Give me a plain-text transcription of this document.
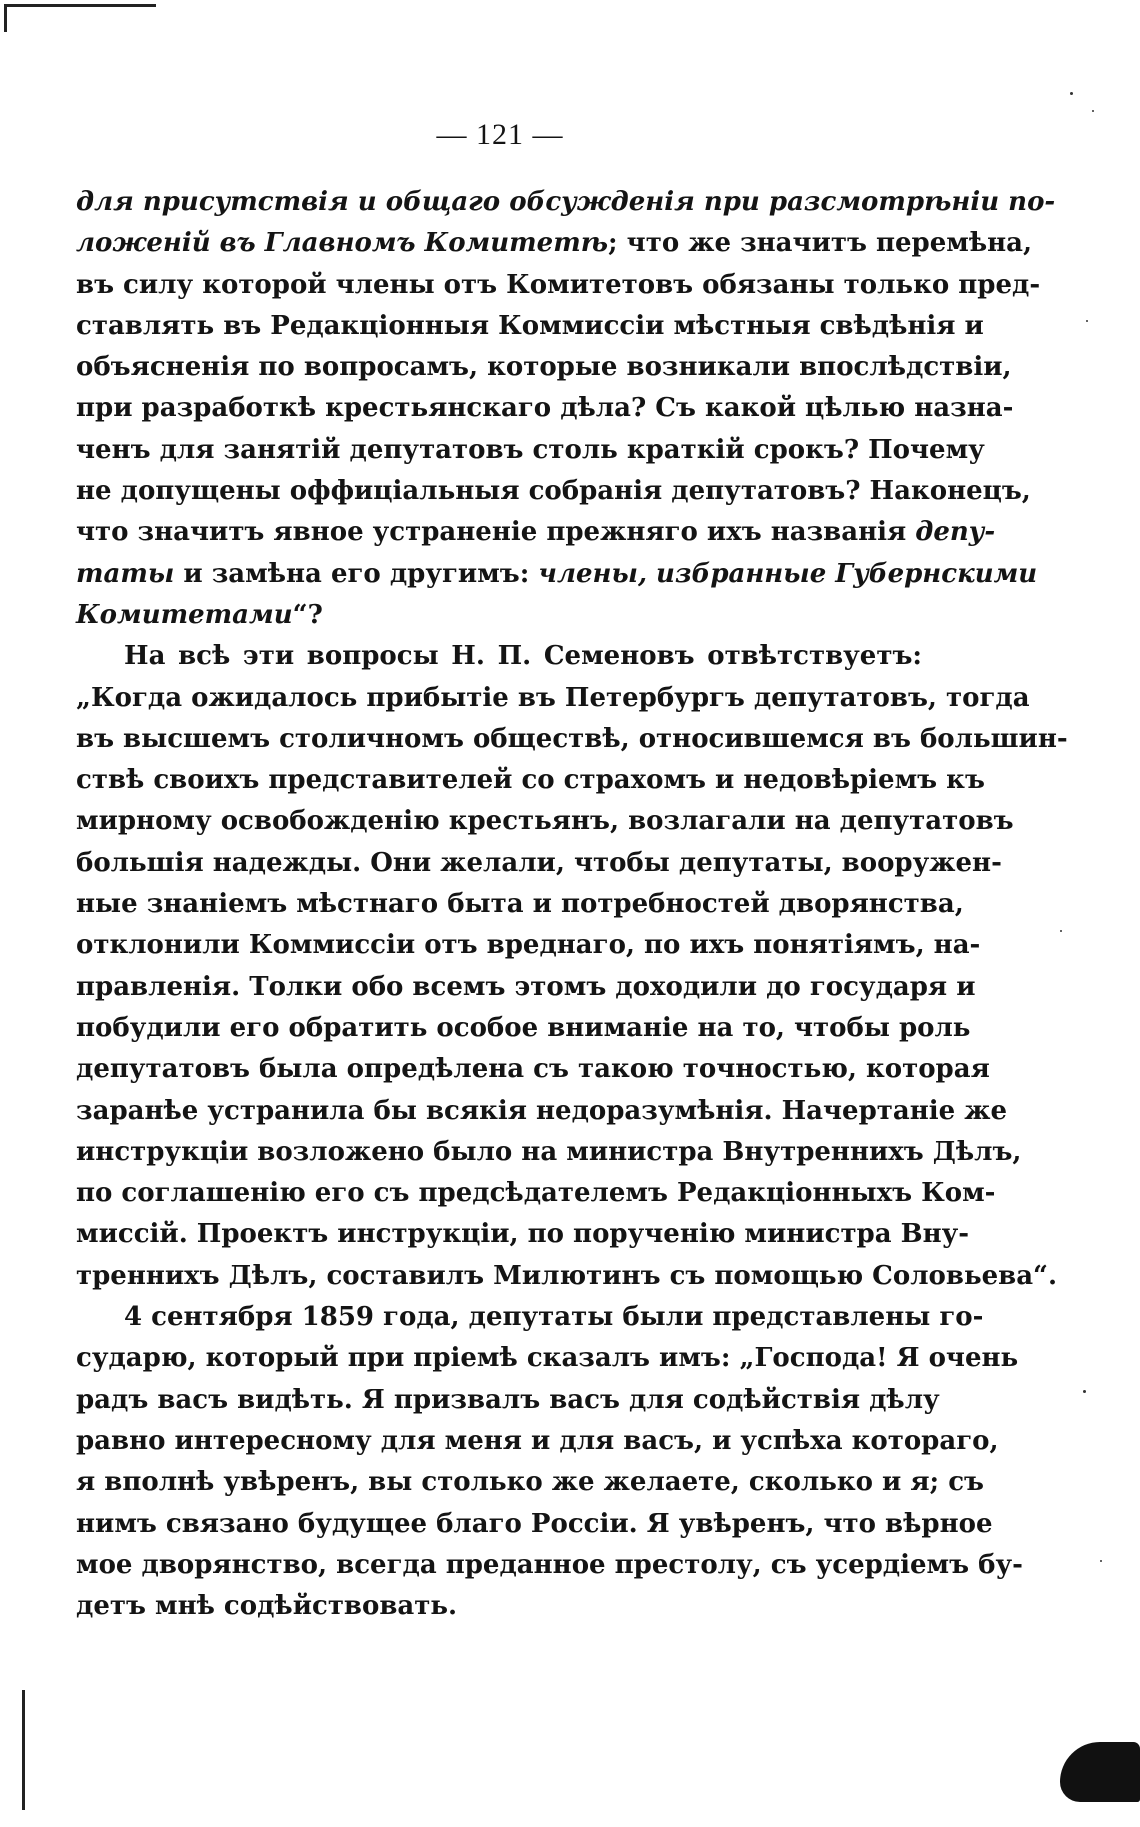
— 121 —
для присутствія и общаго обсужденія при разсмотрѣніи по-
ложеній въ Главномъ Комитетѣ; что же значитъ перемѣна,
въ силу которой члены отъ Комитетовъ обязаны только пред-
ставлять въ Редакціонныя Коммиссіи мѣстныя свѣдѣнія и
объясненія по вопросамъ, которые возникали впослѣдствіи,
при разработкѣ крестьянскаго дѣла? Съ какой цѣлью назна-
ченъ для занятій депутатовъ столь краткій срокъ? Почему
не допущены оффиціальныя собранія депутатовъ? Наконецъ,
что значитъ явное устраненіе прежняго ихъ названія депу-
таты и замѣна его другимъ: члены, избранные Губернскими
Комитетами“?
На всѣ эти вопросы Н. П. Семеновъ отвѣтствуетъ:
„Когда ожидалось прибытіе въ Петербургъ депутатовъ, тогда
въ высшемъ столичномъ обществѣ, относившемся въ большин-
ствѣ своихъ представителей со страхомъ и недовѣріемъ къ
мирному освобожденію крестьянъ, возлагали на депутатовъ
большія надежды. Они желали, чтобы депутаты, вооружен-
ные знаніемъ мѣстнаго быта и потребностей дворянства,
отклонили Коммиссіи отъ вреднаго, по ихъ понятіямъ, на-
правленія. Толки обо всемъ этомъ доходили до государя и
побудили его обратить особое вниманіе на то, чтобы роль
депутатовъ была опредѣлена съ такою точностью, которая
заранѣе устранила бы всякія недоразумѣнія. Начертаніе же
инструкціи возложено было на министра Внутреннихъ Дѣлъ,
по соглашенію его съ предсѣдателемъ Редакціонныхъ Ком-
миссій. Проектъ инструкціи, по порученію министра Вну-
треннихъ Дѣлъ, составилъ Милютинъ съ помощью Соловьева“.
4 сентября 1859 года, депутаты были представлены го-
сударю, который при пріемѣ сказалъ имъ: „Господа! Я очень
радъ васъ видѣть. Я призвалъ васъ для содѣйствія дѣлу
равно интересному для меня и для васъ, и успѣха котораго,
я вполнѣ увѣренъ, вы столько же желаете, сколько и я; съ
нимъ связано будущее благо Россіи. Я увѣренъ, что вѣрное
мое дворянство, всегда преданное престолу, съ усердіемъ бу-
детъ мнѣ содѣйствовать.
